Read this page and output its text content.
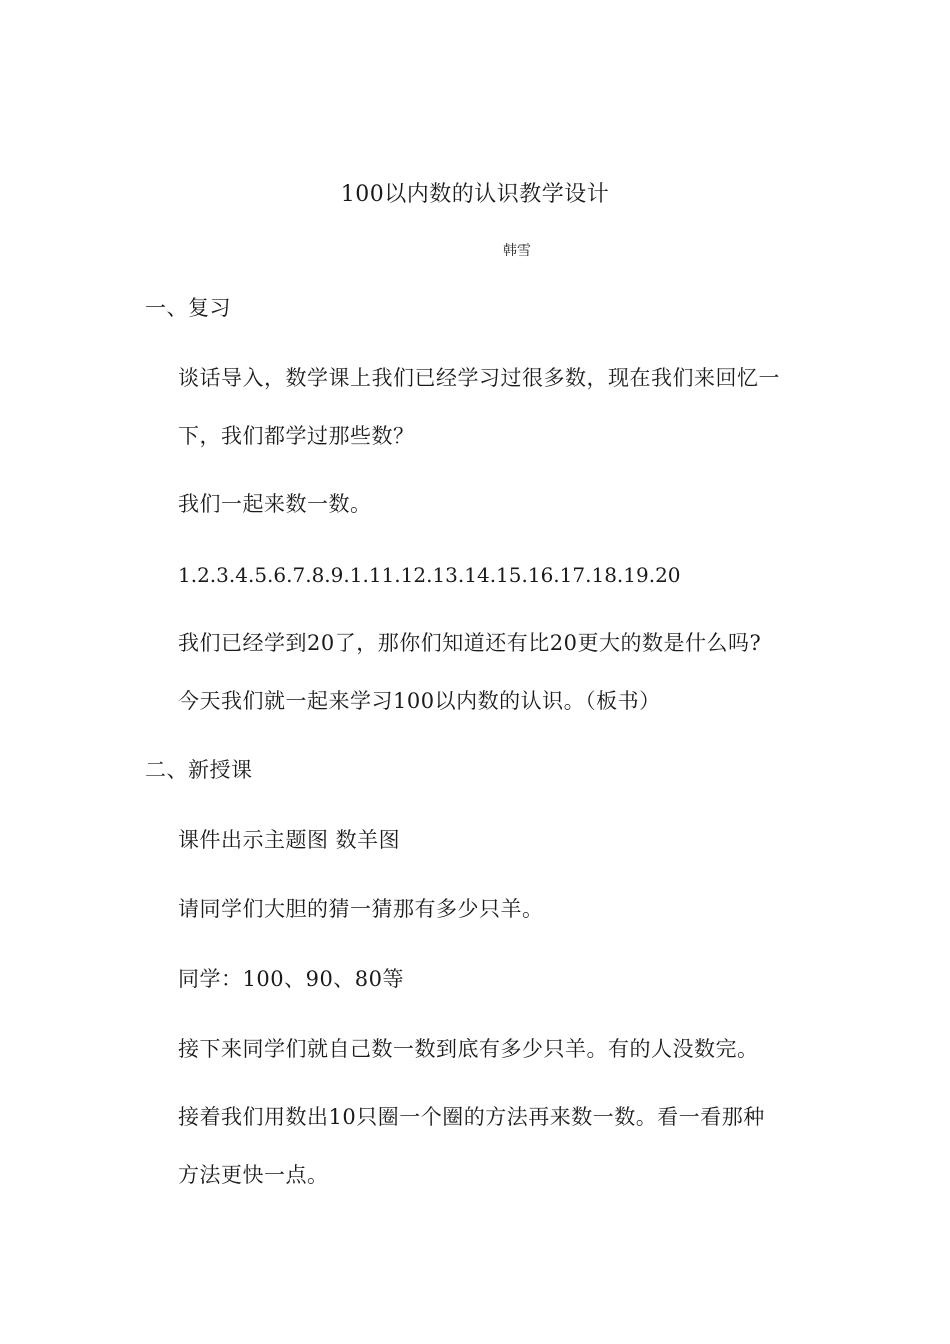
100以内数的认识教学设计
韩雪
一、复习
谈话导入，数学课上我们已经学习过很多数，现在我们来回忆一
下，我们都学过那些数？
我们一起来数一数。
1.2.3.4.5.6.7.8.9.1.11.12.13.14.15.16.17.18.19.20
我们已经学到20了，那你们知道还有比20更大的数是什么吗?
今天我们就一起来学习100以内数的认识。（板书）
二、新授课
课件出示主题图 数羊图
请同学们大胆的猜一猜那有多少只羊。
同学：100、90、80等
接下来同学们就自己数一数到底有多少只羊。有的人没数完。
接着我们用数出10只圈一个圈的方法再来数一数。看一看那种
方法更快一点。
